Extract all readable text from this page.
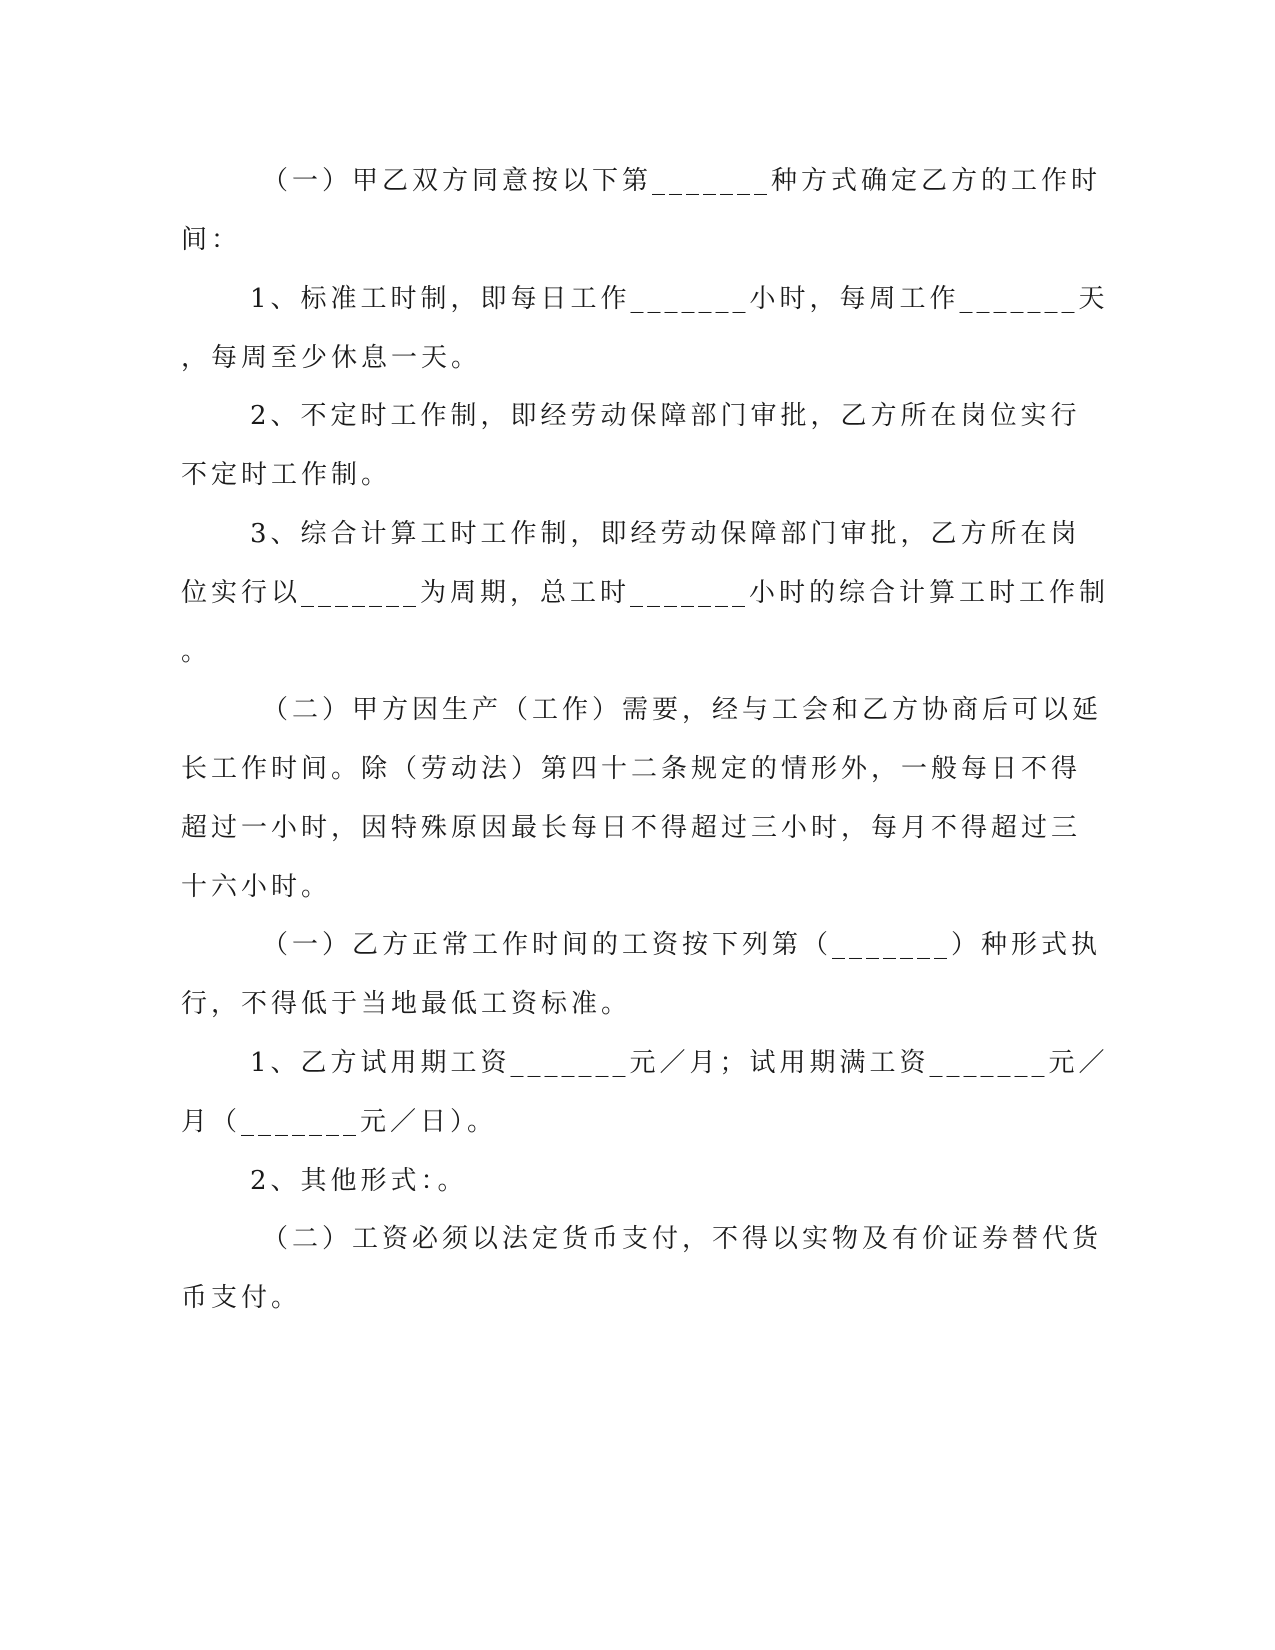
（一）甲乙双方同意按以下第_______种方式确定乙方的工作时
间：
1、标准工时制，即每日工作_______小时，每周工作_______天
，每周至少休息一天。
2、不定时工作制，即经劳动保障部门审批，乙方所在岗位实行
不定时工作制。
3、综合计算工时工作制，即经劳动保障部门审批，乙方所在岗
位实行以_______为周期，总工时_______小时的综合计算工时工作制
。
（二）甲方因生产（工作）需要，经与工会和乙方协商后可以延
长工作时间。除（劳动法）第四十二条规定的情形外，一般每日不得
超过一小时，因特殊原因最长每日不得超过三小时，每月不得超过三
十六小时。
（一）乙方正常工作时间的工资按下列第（_______）种形式执
行，不得低于当地最低工资标准。
1、乙方试用期工资_______元／月；试用期满工资_______元／
月（_______元／日）。
2、其他形式：。
（二）工资必须以法定货币支付，不得以实物及有价证券替代货
币支付。
